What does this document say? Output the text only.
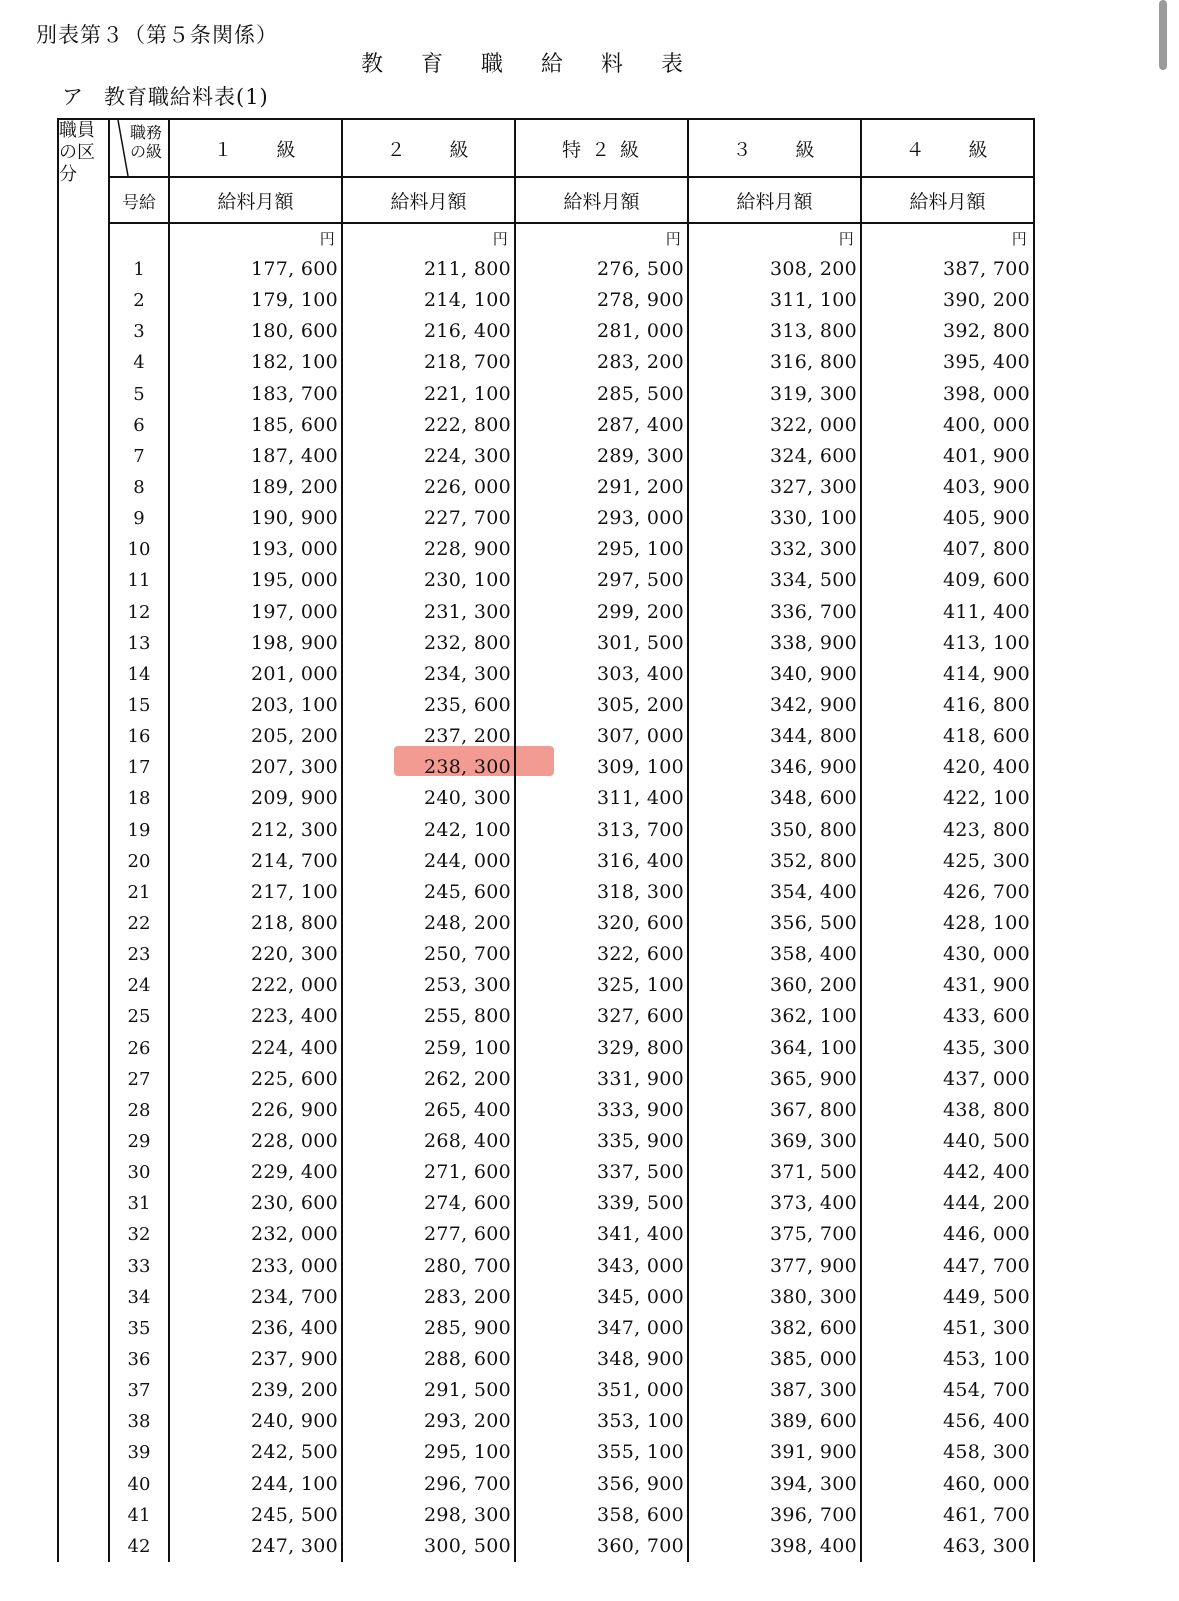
別表第３（第５条関係）
教育職給料表
ア 教育職給料表(1)
職員の区分	職務の級	１　　級	２　　級	特 ２ 級	３　　級	４　　級
	号給	給料月額	給料月額	給料月額	給料月額	給料月額
		円	円	円	円	円
	1	177, 600	211, 800	276, 500	308, 200	387, 700
	2	179, 100	214, 100	278, 900	311, 100	390, 200
	3	180, 600	216, 400	281, 000	313, 800	392, 800
	4	182, 100	218, 700	283, 200	316, 800	395, 400
	5	183, 700	221, 100	285, 500	319, 300	398, 000
	6	185, 600	222, 800	287, 400	322, 000	400, 000
	7	187, 400	224, 300	289, 300	324, 600	401, 900
	8	189, 200	226, 000	291, 200	327, 300	403, 900
	9	190, 900	227, 700	293, 000	330, 100	405, 900
	10	193, 000	228, 900	295, 100	332, 300	407, 800
	11	195, 000	230, 100	297, 500	334, 500	409, 600
	12	197, 000	231, 300	299, 200	336, 700	411, 400
	13	198, 900	232, 800	301, 500	338, 900	413, 100
	14	201, 000	234, 300	303, 400	340, 900	414, 900
	15	203, 100	235, 600	305, 200	342, 900	416, 800
	16	205, 200	237, 200	307, 000	344, 800	418, 600
	17	207, 300	238, 300	309, 100	346, 900	420, 400
	18	209, 900	240, 300	311, 400	348, 600	422, 100
	19	212, 300	242, 100	313, 700	350, 800	423, 800
	20	214, 700	244, 000	316, 400	352, 800	425, 300
	21	217, 100	245, 600	318, 300	354, 400	426, 700
	22	218, 800	248, 200	320, 600	356, 500	428, 100
	23	220, 300	250, 700	322, 600	358, 400	430, 000
	24	222, 000	253, 300	325, 100	360, 200	431, 900
	25	223, 400	255, 800	327, 600	362, 100	433, 600
	26	224, 400	259, 100	329, 800	364, 100	435, 300
	27	225, 600	262, 200	331, 900	365, 900	437, 000
	28	226, 900	265, 400	333, 900	367, 800	438, 800
	29	228, 000	268, 400	335, 900	369, 300	440, 500
	30	229, 400	271, 600	337, 500	371, 500	442, 400
	31	230, 600	274, 600	339, 500	373, 400	444, 200
	32	232, 000	277, 600	341, 400	375, 700	446, 000
	33	233, 000	280, 700	343, 000	377, 900	447, 700
	34	234, 700	283, 200	345, 000	380, 300	449, 500
	35	236, 400	285, 900	347, 000	382, 600	451, 300
	36	237, 900	288, 600	348, 900	385, 000	453, 100
	37	239, 200	291, 500	351, 000	387, 300	454, 700
	38	240, 900	293, 200	353, 100	389, 600	456, 400
	39	242, 500	295, 100	355, 100	391, 900	458, 300
	40	244, 100	296, 700	356, 900	394, 300	460, 000
	41	245, 500	298, 300	358, 600	396, 700	461, 700
	42	247, 300	300, 500	360, 700	398, 400	463, 300
